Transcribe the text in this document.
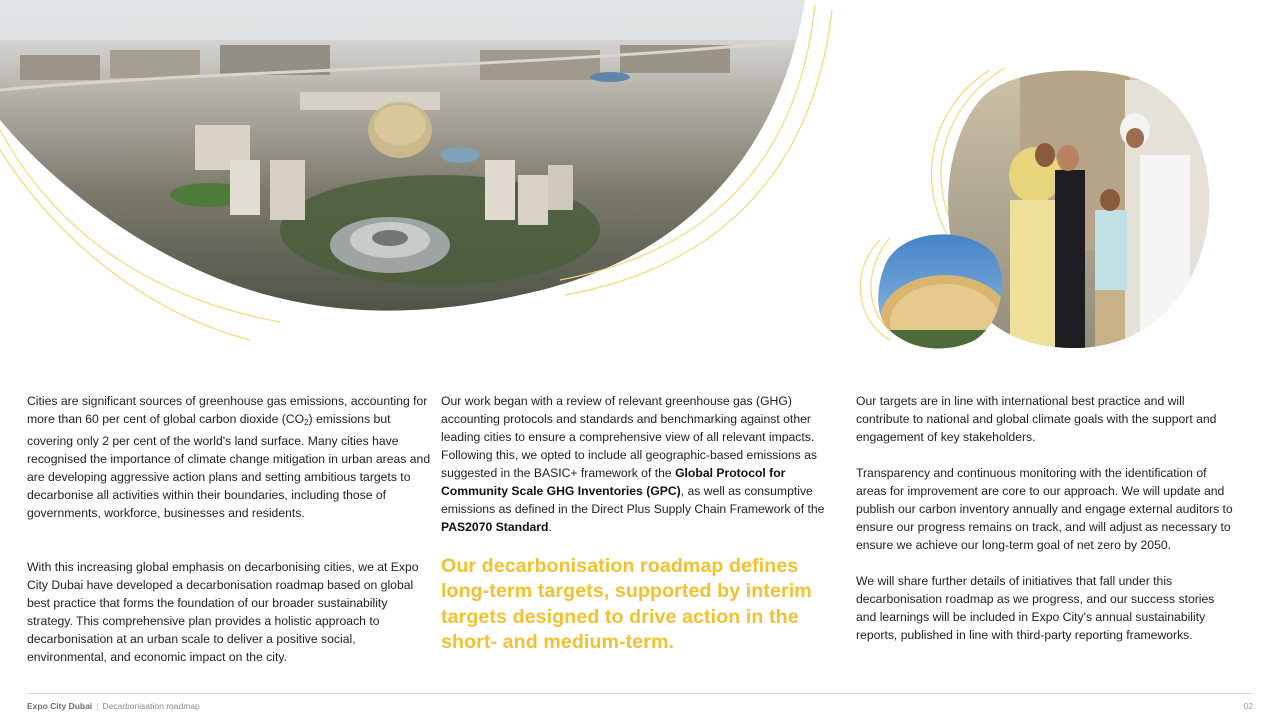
Cities are significant sources of greenhouse gas emissions, accounting for more than 60 per cent of global carbon dioxide $(CO_2)$ emissions but covering only 2 per cent of the world's land surface. Many cities have recognised the importance of climate change mitigation in urban areas and are developing aggressive action plans and setting ambitious targets to decarbonise all activities within their boundaries, including those of governments, workforce, businesses and residents.

With this increasing global emphasis on decarbonising cities, we at Expo City Dubai have developed a decarbonisation roadmap based on global best practice that forms the foundation of our broader sustainability strategy. This comprehensive plan provides a holistic approach to decarbonisation at an urban scale to deliver a positive social, environmental, and economic impact on the city.

Our work began with a review of relevant greenhouse gas (GHG) accounting protocols and standards and benchmarking against other leading cities to ensure a comprehensive view of all relevant impacts. Following this, we opted to include all geographic-based emissions as suggested in the BASIC+ framework of the Global Protocol for Community Scale GHG Inventories (GPC), as well as consumptive emissions as defined in the Direct Plus Supply Chain Framework of the PAS2070 Standard.

Our decarbonisation roadmap defines long-term targets, supported by interim targets designed to drive action in the short- and medium-term.

Our targets are in line with international best practice and will contribute to national and global climate goals with the support and engagement of key stakeholders.

Transparency and continuous monitoring with the identification of areas for improvement are core to our approach. We will update and publish our carbon inventory annually and engage external auditors to ensure our progress remains on track, and will adjust as necessary to ensure we achieve our long-term goal of net zero by 2050.

We will share further details of initiatives that fall under this decarbonisation roadmap as we progress, and our success stories and learnings will be included in Expo City's annual sustainability reports, published in line with third-party reporting frameworks.

Expo City Dubai | Decarbonisation roadmap	02
